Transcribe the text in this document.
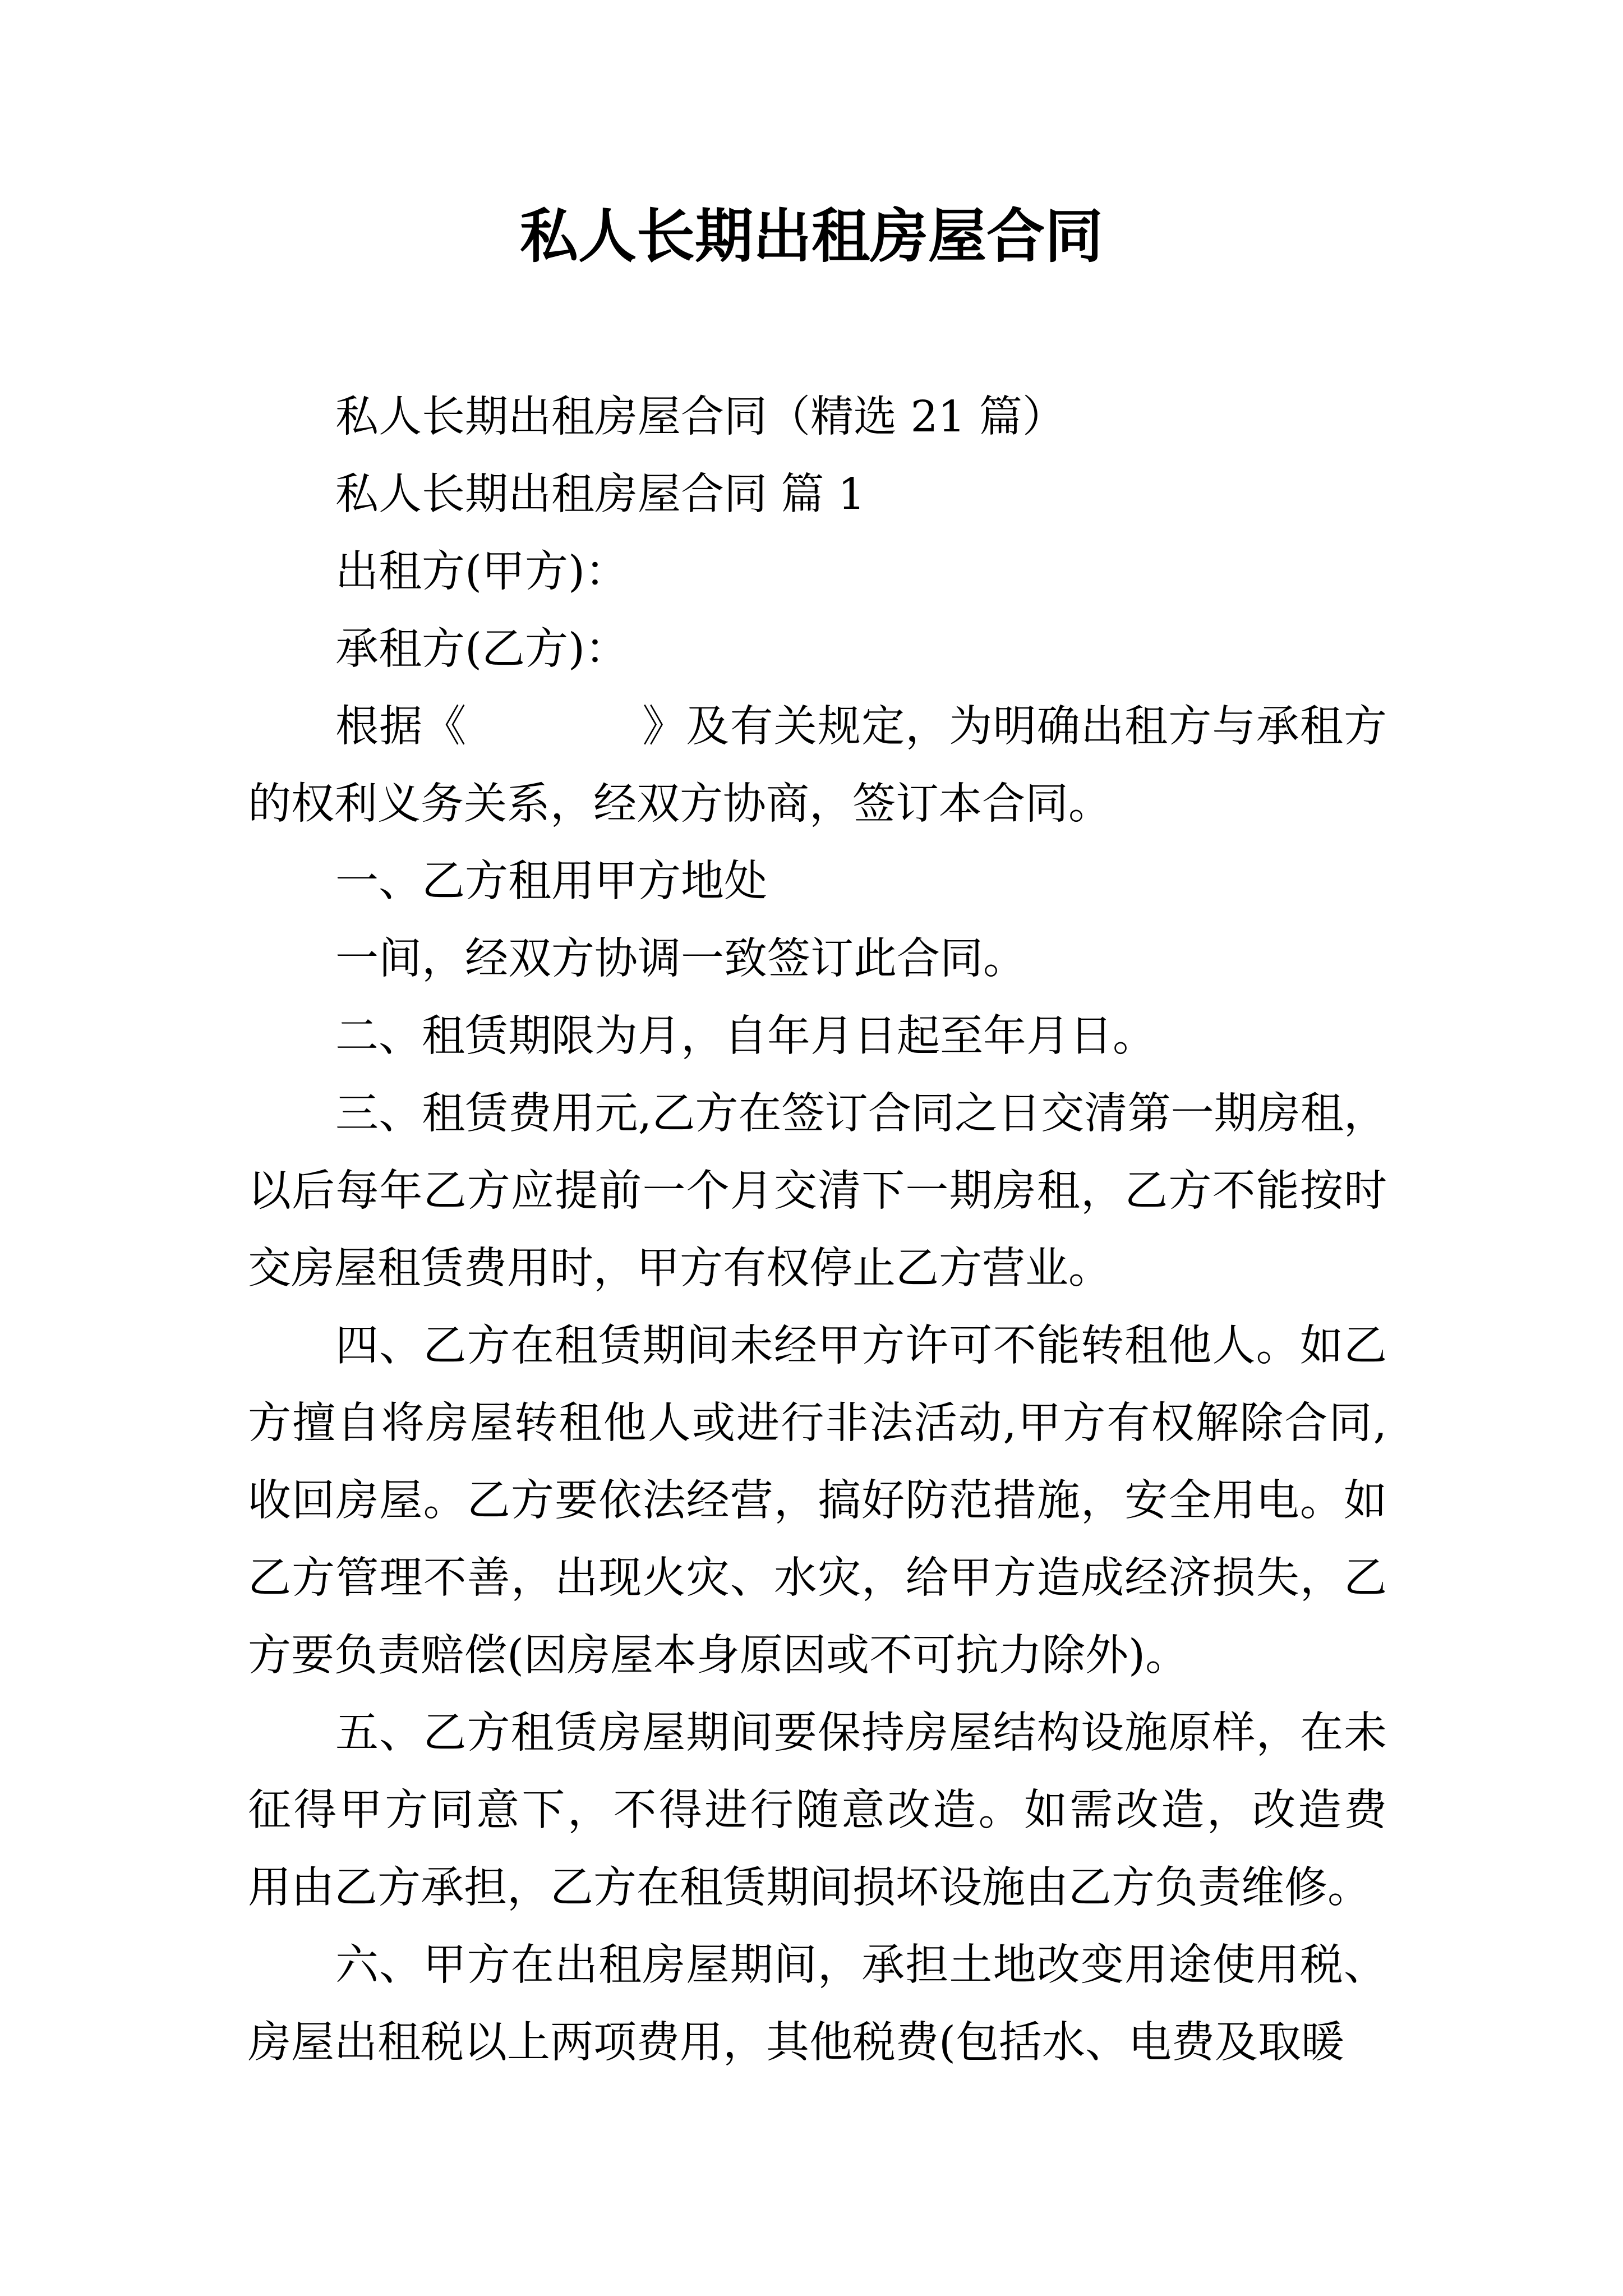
私人长期出租房屋合同
私人长期出租房屋合同（精选 21 篇）
私人长期出租房屋合同 篇 1
出租方(甲方)：
承租方(乙方)：
根据《　　　　》及有关规定，为明确出租方与承租方
的权利义务关系，经双方协商，签订本合同。
一、乙方租用甲方地处
一间，经双方协调一致签订此合同。
二、租赁期限为月，自年月日起至年月日。
三、租赁费用元,乙方在签订合同之日交清第一期房租，
以后每年乙方应提前一个月交清下一期房租，乙方不能按时
交房屋租赁费用时，甲方有权停止乙方营业。
四、乙方在租赁期间未经甲方许可不能转租他人。如乙
方擅自将房屋转租他人或进行非法活动,甲方有权解除合同,
收回房屋。乙方要依法经营，搞好防范措施，安全用电。如
乙方管理不善，出现火灾、水灾，给甲方造成经济损失，乙
方要负责赔偿(因房屋本身原因或不可抗力除外)。
五、乙方租赁房屋期间要保持房屋结构设施原样，在未
征得甲方同意下，不得进行随意改造。如需改造，改造费
用由乙方承担，乙方在租赁期间损坏设施由乙方负责维修。
六、甲方在出租房屋期间，承担土地改变用途使用税、
房屋出租税以上两项费用，其他税费(包括水、电费及取暖
